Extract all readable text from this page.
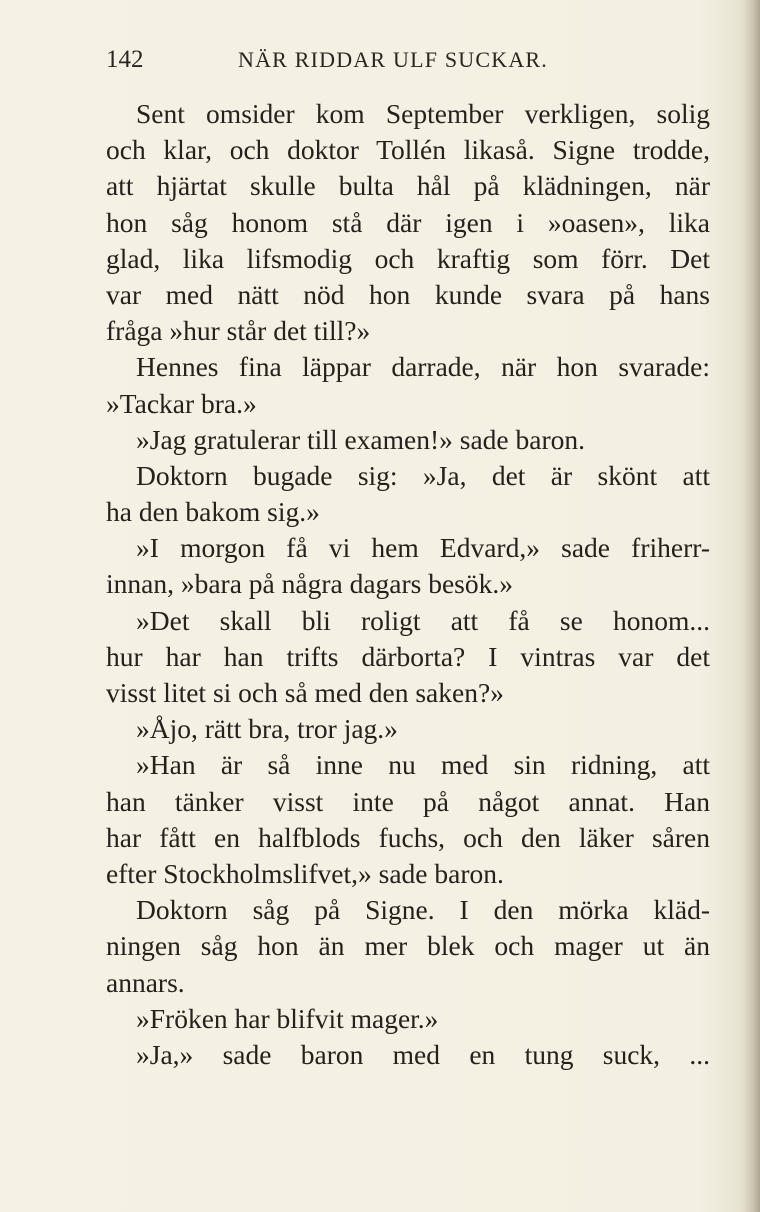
142	NÄR RIDDAR ULF SUCKAR.
Sent omsider kom September verkligen, solig
och klar, och doktor Tollén likaså. Signe trodde,
att hjärtat skulle bulta hål på klädningen, när
hon såg honom stå där igen i »oasen», lika
glad, lika lifsmodig och kraftig som förr. Det
var med nätt nöd hon kunde svara på hans
fråga »hur står det till?»
Hennes fina läppar darrade, när hon svarade:
»Tackar bra.»
»Jag gratulerar till examen!» sade baron.
Doktorn bugade sig: »Ja, det är skönt att
ha den bakom sig.»
»I morgon få vi hem Edvard,» sade friherr-
innan, »bara på några dagars besök.»
»Det skall bli roligt att få se honom...
hur har han trifts därborta? I vintras var det
visst litet si och så med den saken?»
»Åjo, rätt bra, tror jag.»
»Han är så inne nu med sin ridning, att
han tänker visst inte på något annat. Han
har fått en halfblods fuchs, och den läker såren
efter Stockholmslifvet,» sade baron.
Doktorn såg på Signe. I den mörka kläd-
ningen såg hon än mer blek och mager ut än
annars.
»Fröken har blifvit mager.»
»Ja,» sade baron med en tung suck, ...
